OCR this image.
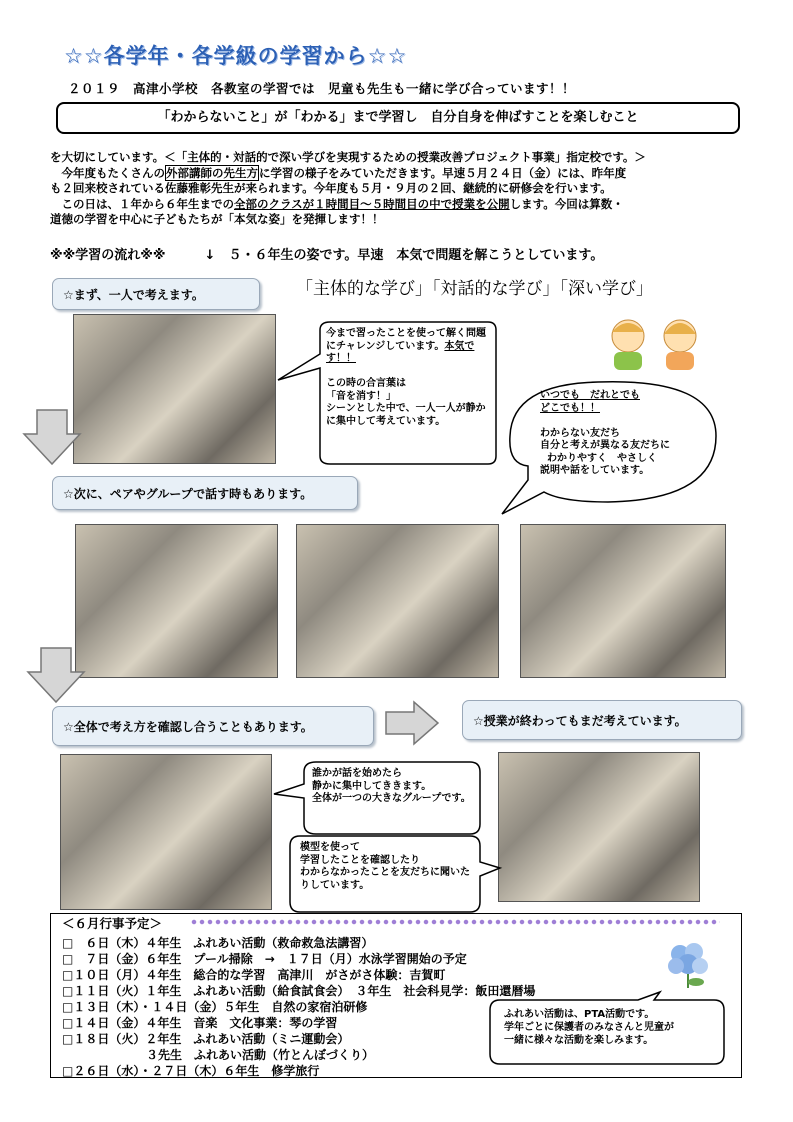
☆☆各学年・各学級の学習から☆☆
２０１９　高津小学校　各教室の学習では　児童も先生も一緒に学び合っています！！
「わからないこと」が「わかる」まで学習し　自分自身を伸ばすことを楽しむこと

を大切にしています。＜「主体的・対話的で深い学びを実現するための授業改善プロジェクト事業」指定校です。＞

　今年度もたくさんの外部講師の先生方に学習の様子をみていただきます。早速５月２４日（金）には、昨年度

も２回来校されている佐藤雅彰先生が来られます。今年度も５月・９月の２回、継続的に研修会を行います。

　この日は、１年から６年生までの全部のクラスが１時間目～５時間目の中で授業を公開します。今回は算数・

道徳の学習を中心に子どもたちが「本気な姿」を発揮します！！

※※学習の流れ※※　　　↓　５・６年生の姿です。早速　本気で問題を解こうとしています。
☆まず、一人で考えます。	「主体的な学び」「対話的な学び」「深い学び」
今まで習ったことを使って解く問題にチャレンジしています。本気です！！

この時の合言葉は
「音を消す！」
シーンとした中で、一人一人が静かに集中して考えています。
いつでも　だれとでも
どこでも！！

わからない友だち
自分と考えが異なる友だちに
わかりやすく　やさしく
説明や話をしています。
☆次に、ペアやグループで話す時もあります。
☆全体で考え方を確認し合うこともあります。	☆授業が終わってもまだ考えています。
誰かが話を始めたら
静かに集中してききます。
全体が一つの大きなグループです。
模型を使って
学習したことを確認したり
わからなかったことを友だちに聞いたりしています。
＜６月行事予定＞
□　６日（木）４年生　ふれあい活動（救命救急法講習）
□　７日（金）６年生　プール掃除　→　１７日（月）水泳学習開始の予定
□１０日（月）４年生　総合的な学習　高津川　がさがさ体験：吉賀町
□１１日（火）１年生　ふれあい活動（給食試食会）　３年生　社会科見学：飯田還暦場
□１３日（木）・１４日（金）５年生　自然の家宿泊研修
□１４日（金）４年生　音楽　文化事業：琴の学習
□１８日（火）２年生　ふれあい活動（ミニ運動会）
　　　　　　　３先生　ふれあい活動（竹とんぼづくり）
□２６日（水）・２７日（木）６年生　修学旅行
ふれあい活動は、PTA活動です。
学年ごとに保護者のみなさんと児童が
一緒に様々な活動を楽しみます。
